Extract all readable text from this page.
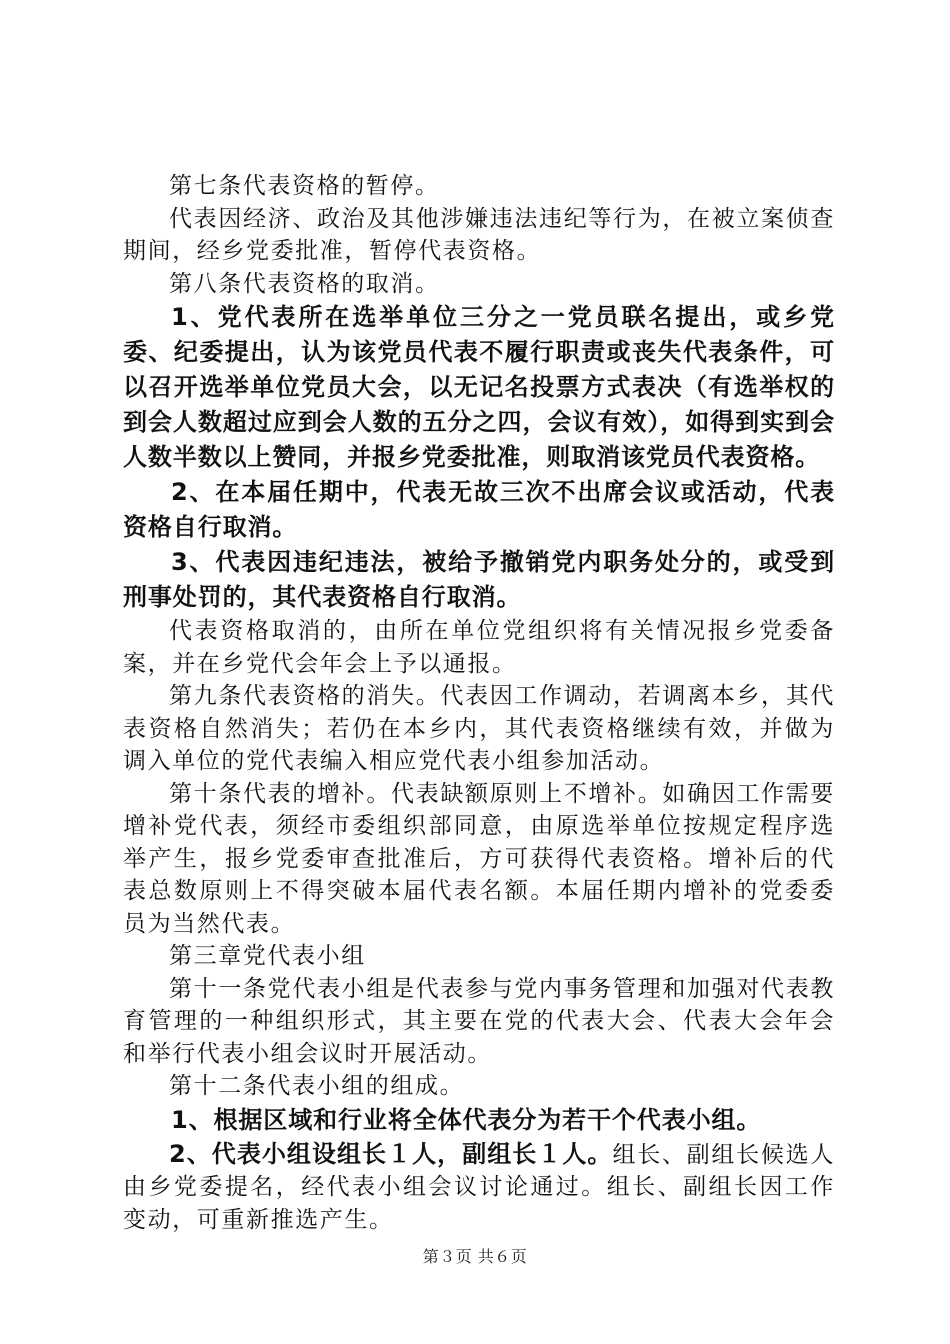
第七条代表资格的暂停。

代表因经济、政治及其他涉嫌违法违纪等行为，在被立案侦查期间，经乡党委批准，暂停代表资格。

第八条代表资格的取消。

1、党代表所在选举单位三分之一党员联名提出，或乡党委、纪委提出，认为该党员代表不履行职责或丧失代表条件，可以召开选举单位党员大会，以无记名投票方式表决（有选举权的到会人数超过应到会人数的五分之四，会议有效），如得到实到会人数半数以上赞同，并报乡党委批准，则取消该党员代表资格。

2、在本届任期中，代表无故三次不出席会议或活动，代表资格自行取消。

3、代表因违纪违法，被给予撤销党内职务处分的，或受到刑事处罚的，其代表资格自行取消。

代表资格取消的，由所在单位党组织将有关情况报乡党委备案，并在乡党代会年会上予以通报。

第九条代表资格的消失。代表因工作调动，若调离本乡，其代表资格自然消失；若仍在本乡内，其代表资格继续有效，并做为调入单位的党代表编入相应党代表小组参加活动。

第十条代表的增补。代表缺额原则上不增补。如确因工作需要增补党代表，须经市委组织部同意，由原选举单位按规定程序选举产生，报乡党委审查批准后，方可获得代表资格。增补后的代表总数原则上不得突破本届代表名额。本届任期内增补的党委委员为当然代表。

第三章党代表小组

第十一条党代表小组是代表参与党内事务管理和加强对代表教育管理的一种组织形式，其主要在党的代表大会、代表大会年会和举行代表小组会议时开展活动。

第十二条代表小组的组成。

1、根据区域和行业将全体代表分为若干个代表小组。

2、代表小组设组长１人，副组长１人。组长、副组长候选人由乡党委提名，经代表小组会议讨论通过。组长、副组长因工作变动，可重新推选产生。

第３页 共６页
